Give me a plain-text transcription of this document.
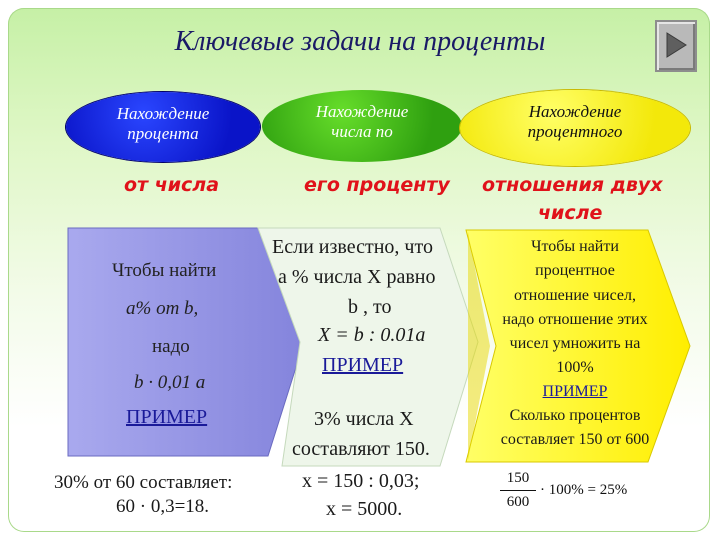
Ключевые задачи на проценты
Нахождение
процента
Нахождение
числа по
Нахождение
процентного
от числа	его проценту отношения двух
числе
Чтобы найти
a% от b,
надо
b · 0,01 a
ПРИМЕР
Если известно, что
а % числа Х равно
b , то
X = b : 0.01a
ПРИМЕР
3% числа Х
составляют 150.
Чтобы найти
процентное
отношение чисел,
надо отношение этих
чисел умножить на
100%
ПРИМЕР
Сколько процентов
составляет 150 от 600
30% от 60 составляет:
60 · 0,3=18.
х = 150 : 0,03;
х = 5000.
150
600
· 100% = 25%
